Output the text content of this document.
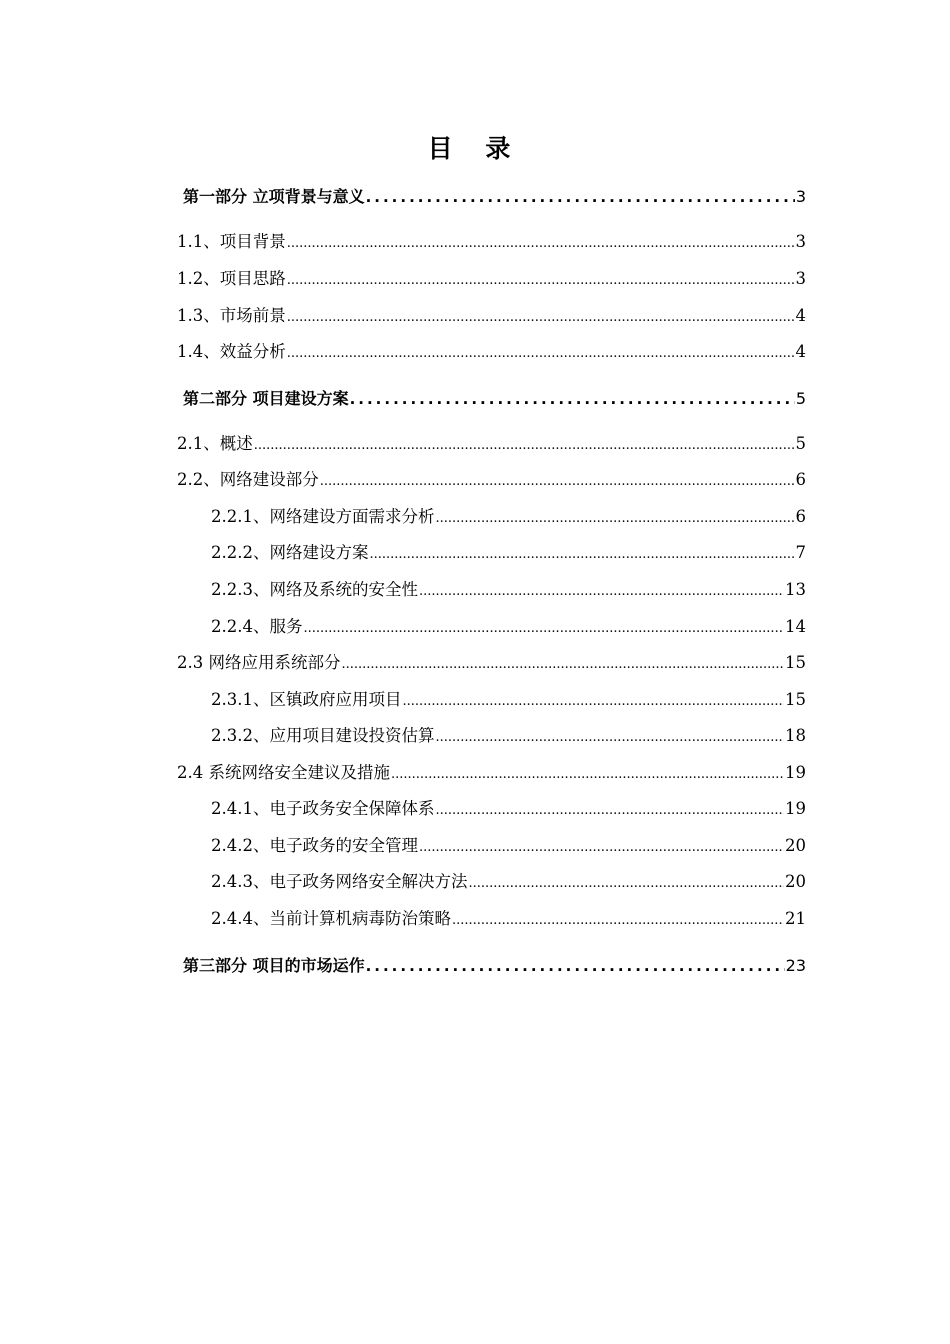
目 录
第一部分 立项背景与意义 .....	3
1.1、项目背景 .....	3
1.2、项目思路 .....	3
1.3、市场前景 .....	4
1.4、效益分析 .....	4
第二部分 项目建设方案 .....	5
2.1、概述 .....	5
2.2、网络建设部分 .....	6
2.2.1、网络建设方面需求分析 .....	6
2.2.2、网络建设方案 .....	7
2.2.3、网络及系统的安全性 .....	13
2.2.4、服务 .....	14
2.3 网络应用系统部分 .....	15
2.3.1、区镇政府应用项目 .....	15
2.3.2、应用项目建设投资估算 .....	18
2.4 系统网络安全建议及措施 .....	19
2.4.1、电子政务安全保障体系 .....	19
2.4.2、电子政务的安全管理 .....	20
2.4.3、电子政务网络安全解决方法 .....	20
2.4.4、当前计算机病毒防治策略 .....	21
第三部分 项目的市场运作 .....	23
